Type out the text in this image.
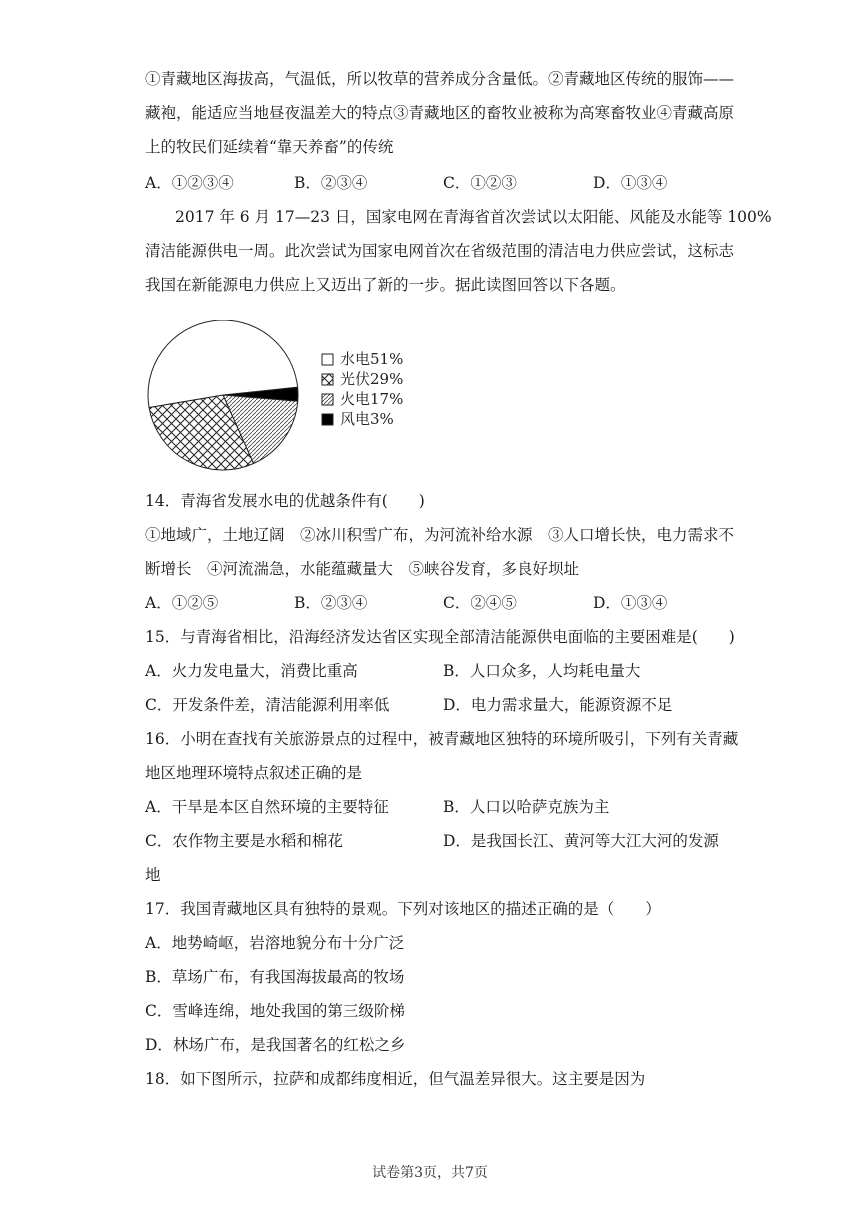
①青藏地区海拔高，气温低，所以牧草的营养成分含量低。②青藏地区传统的服饰——
藏袍，能适应当地昼夜温差大的特点③青藏地区的畜牧业被称为高寒畜牧业④青藏高原
上的牧民们延续着“靠天养畜”的传统
A．①②③④	B．②③④	C．①②③	D．①③④
2017 年 6 月 17—23 日，国家电网在青海省首次尝试以太阳能、风能及水能等 100%
清洁能源供电一周。此次尝试为国家电网首次在省级范围的清洁电力供应尝试，这标志
我国在新能源电力供应上又迈出了新的一步。据此读图回答以下各题。
水电51%
光伏29%
火电17%
风电3%
14．青海省发展水电的优越条件有(　　)
①地域广，土地辽阔　②冰川积雪广布，为河流补给水源　③人口增长快，电力需求不
断增长　④河流湍急，水能蕴藏量大　⑤峡谷发育，多良好坝址
A．①②⑤	B．②③④	C．②④⑤	D．①③④
15．与青海省相比，沿海经济发达省区实现全部清洁能源供电面临的主要困难是(　　)
A．火力发电量大，消费比重高	B．人口众多，人均耗电量大
C．开发条件差，清洁能源利用率低	D．电力需求量大，能源资源不足
16．小明在查找有关旅游景点的过程中，被青藏地区独特的环境所吸引，下列有关青藏
地区地理环境特点叙述正确的是
A．干旱是本区自然环境的主要特征	B．人口以哈萨克族为主
C．农作物主要是水稻和棉花	D．是我国长江、黄河等大江大河的发源
地
17．我国青藏地区具有独特的景观。下列对该地区的描述正确的是（　　）
A．地势崎岖，岩溶地貌分布十分广泛
B．草场广布，有我国海拔最高的牧场
C．雪峰连绵，地处我国的第三级阶梯
D．林场广布，是我国著名的红松之乡
18．如下图所示，拉萨和成都纬度相近，但气温差异很大。这主要是因为
试卷第3页，共7页
